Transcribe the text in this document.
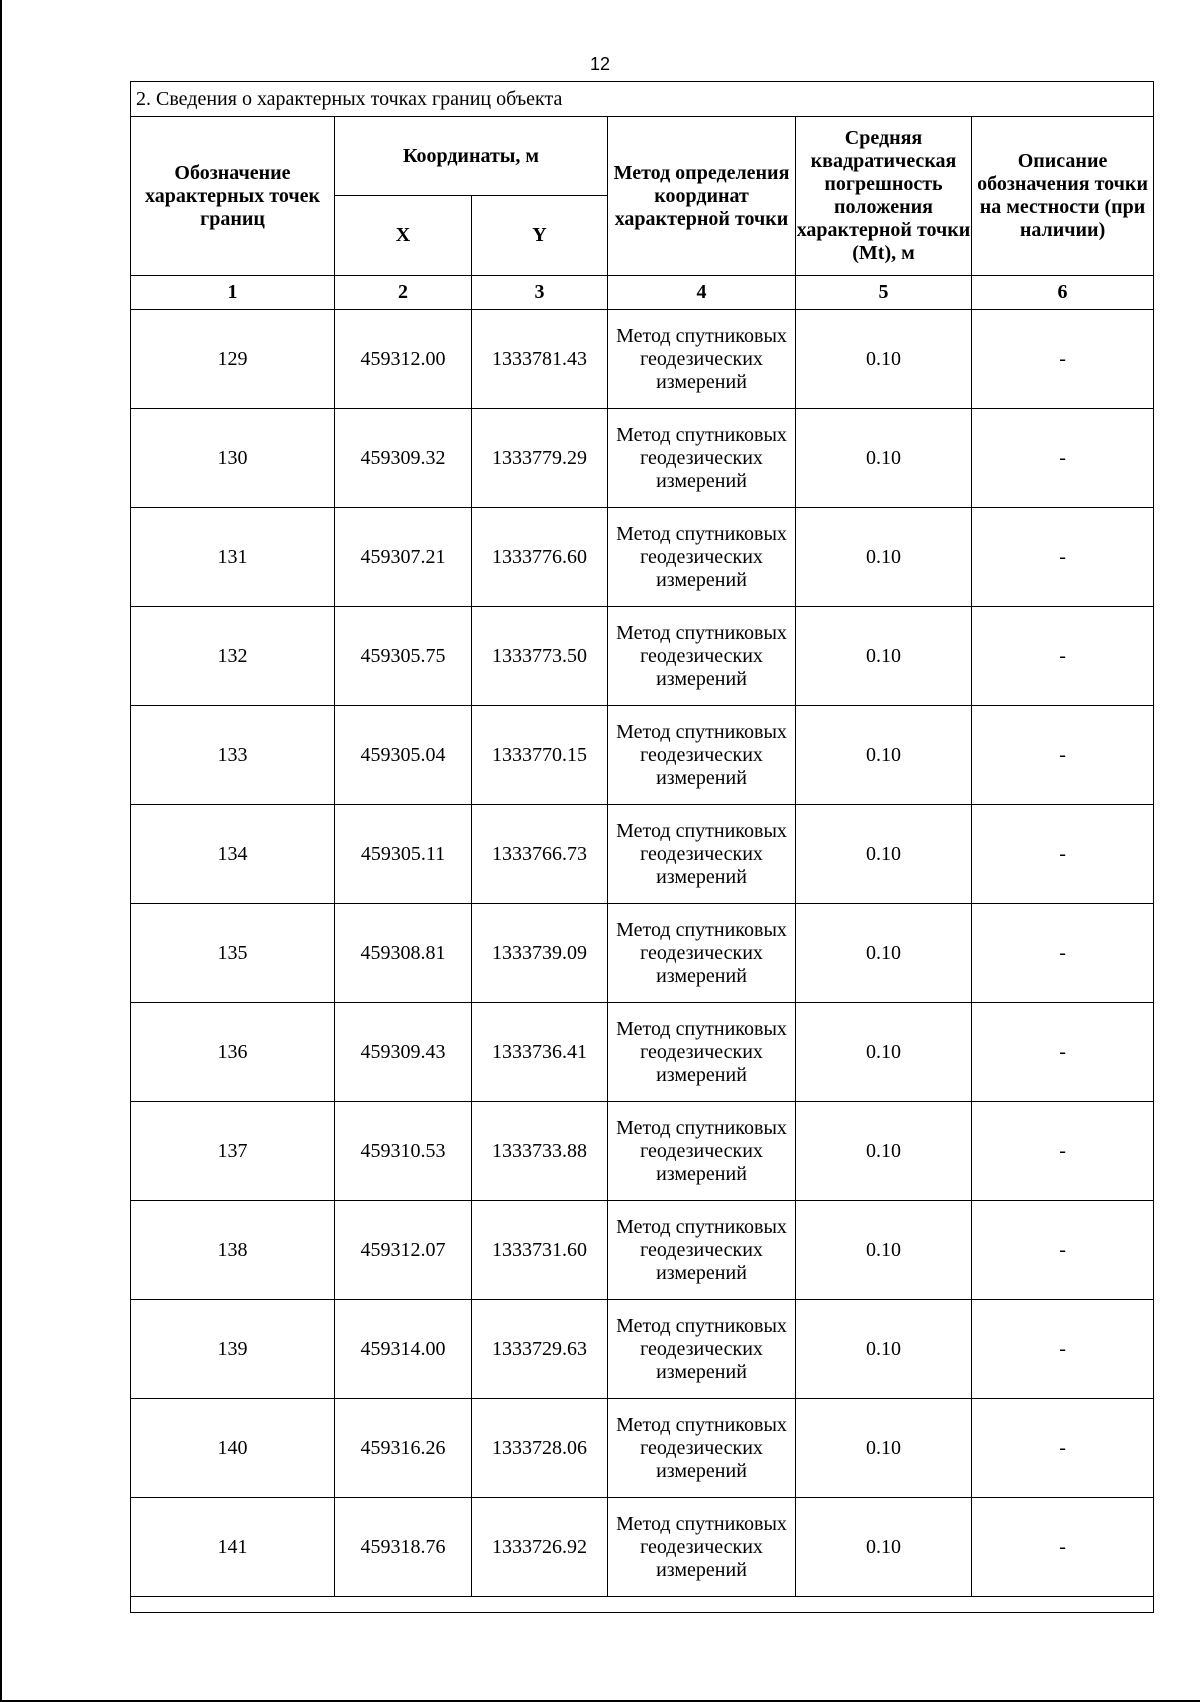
12
2. Сведения о характерных точках границ объекта					
Обозначение характерных точек границ	Координаты, м		Метод определения координат характерной точки	Средняя квадратическая погрешность положения характерной точки (Mt), м	Описание обозначения точки на местности (при наличии)
	X	Y			
1	2	3	4	5	6
129	459312.00	1333781.43	Метод спутниковых геодезических измерений	0.10	-
130	459309.32	1333779.29	Метод спутниковых геодезических измерений	0.10	-
131	459307.21	1333776.60	Метод спутниковых геодезических измерений	0.10	-
132	459305.75	1333773.50	Метод спутниковых геодезических измерений	0.10	-
133	459305.04	1333770.15	Метод спутниковых геодезических измерений	0.10	-
134	459305.11	1333766.73	Метод спутниковых геодезических измерений	0.10	-
135	459308.81	1333739.09	Метод спутниковых геодезических измерений	0.10	-
136	459309.43	1333736.41	Метод спутниковых геодезических измерений	0.10	-
137	459310.53	1333733.88	Метод спутниковых геодезических измерений	0.10	-
138	459312.07	1333731.60	Метод спутниковых геодезических измерений	0.10	-
139	459314.00	1333729.63	Метод спутниковых геодезических измерений	0.10	-
140	459316.26	1333728.06	Метод спутниковых геодезических измерений	0.10	-
141	459318.76	1333726.92	Метод спутниковых геодезических измерений	0.10	-
